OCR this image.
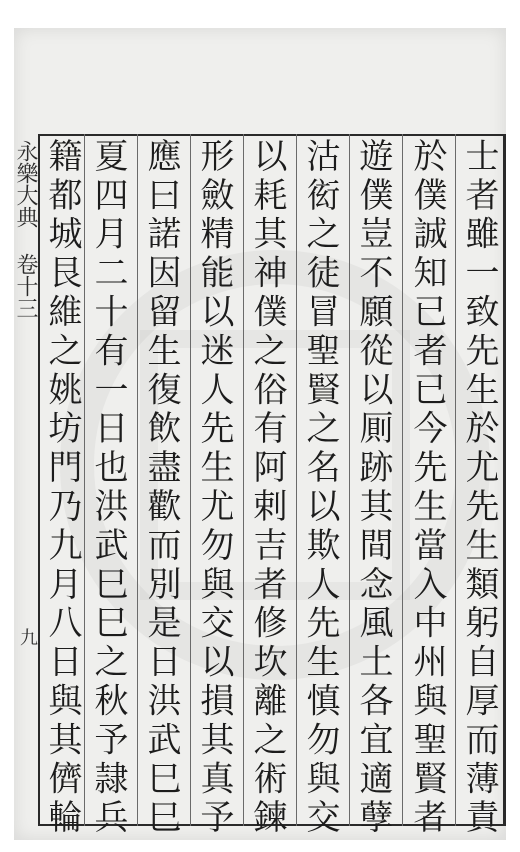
永樂大典 卷十三
九	士者雖一致先生於尤先生類躬自厚而薄責
於僕誠知已者已今先生當入中州與聖賢者
遊僕豈不願從以厠跡其間念風土各宜適孽
沽衒之徒冒聖賢之名以欺人先生慎勿與交
以耗其神僕之俗有阿剌吉者修坎離之術鍊
形斂精能以迷人先生尤勿與交以損其真予
應曰諾因留生復飲盡歡而別是日洪武巳巳
夏四月二十有一日也洪武巳巳之秋予隷兵
籍都城艮維之姚坊門乃九月八日與其儕輪
